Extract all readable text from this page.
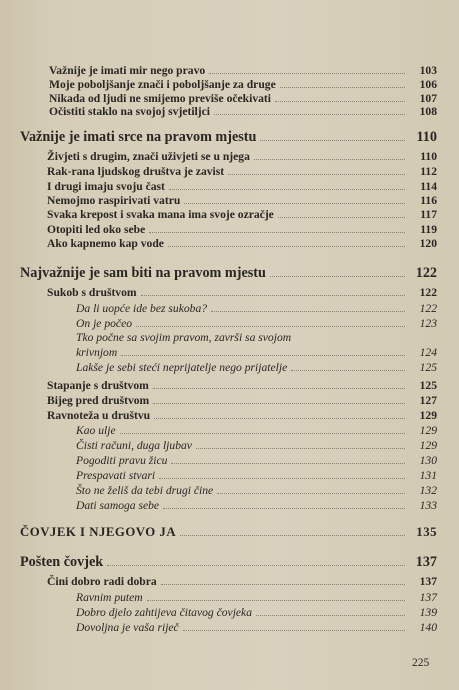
Važnije je imati mir nego pravo	103
Moje poboljšanje znači i poboljšanje za druge	106
Nikada od ljudi ne smijemo previše očekivati	107
Očistiti staklo na svojoj svjetiljci	108
Važnije je imati srce na pravom mjestu	110
Živjeti s drugim, znači uživjeti se u njega	110
Rak-rana ljudskog društva je zavist	112
I drugi imaju svoju čast	114
Nemojmo raspirivati vatru	116
Svaka krepost i svaka mana ima svoje ozračje	117
Otopiti led oko sebe	119
Ako kapnemo kap vode	120
Najvažnije je sam biti na pravom mjestu	122
Sukob s društvom	122
Da li uopće ide bez sukoba?	122
On je počeo	123
Tko počne sa svojim pravom, završi sa svojom
krivnjom	124
Lakše je sebi steći neprijatelje nego prijatelje	125
Stapanje s društvom	125
Bijeg pred društvom	127
Ravnoteža u društvu	129
Kao ulje	129
Čisti računi, duga ljubav	129
Pogoditi pravu žicu	130
Prespavati stvari	131
Što ne želiš da tebi drugi čine	132
Dati samoga sebe	133
ČOVJEK I NJEGOVO JA	135
Pošten čovjek	137
Čini dobro radi dobra	137
Ravnim putem	137
Dobro djelo zahtijeva čitavog čovjeka	139
Dovoljna je vaša riječ	140
225
